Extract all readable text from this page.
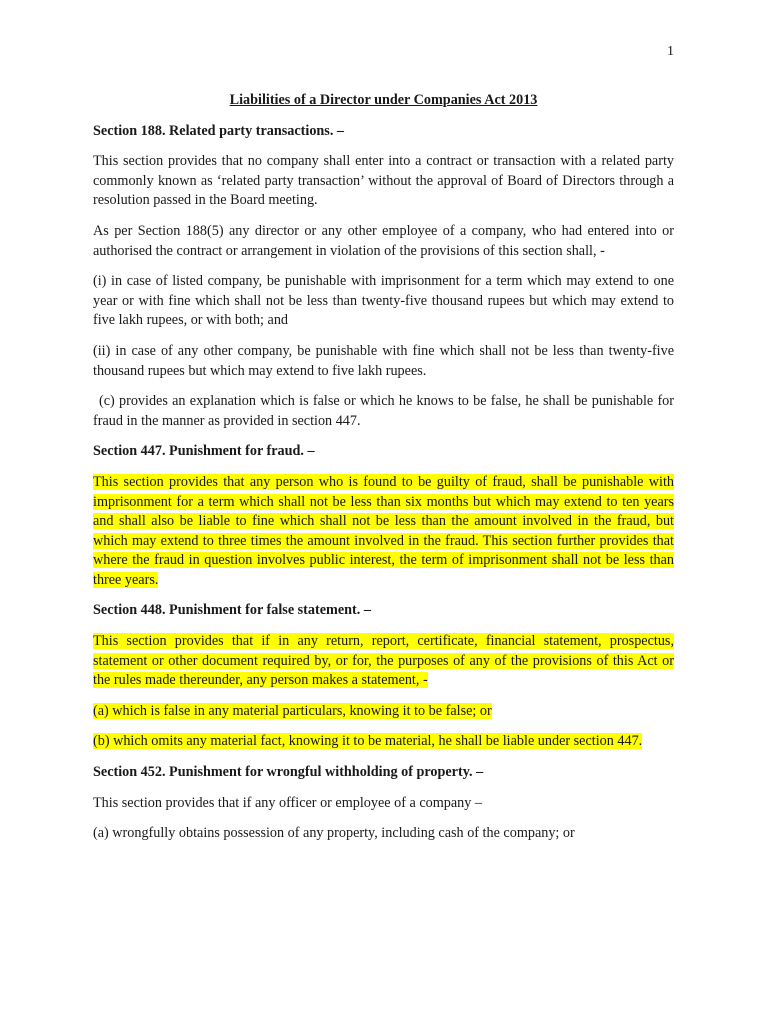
1

Liabilities of a Director under Companies Act 2013

Section 188. Related party transactions. –

This section provides that no company shall enter into a contract or transaction with a related party commonly known as ‘related party transaction’ without the approval of Board of Directors through a resolution passed in the Board meeting.

As per Section 188(5) any director or any other employee of a company, who had entered into or authorised the contract or arrangement in violation of the provisions of this section shall, -

(i) in case of listed company, be punishable with imprisonment for a term which may extend to one year or with fine which shall not be less than twenty-five thousand rupees but which may extend to five lakh rupees, or with both; and

(ii) in case of any other company, be punishable with fine which shall not be less than twenty-five thousand rupees but which may extend to five lakh rupees.

(c) provides an explanation which is false or which he knows to be false, he shall be punishable for fraud in the manner as provided in section 447.

Section 447. Punishment for fraud. –

This section provides that any person who is found to be guilty of fraud, shall be punishable with imprisonment for a term which shall not be less than six months but which may extend to ten years and shall also be liable to fine which shall not be less than the amount involved in the fraud, but which may extend to three times the amount involved in the fraud. This section further provides that where the fraud in question involves public interest, the term of imprisonment shall not be less than three years.

Section 448. Punishment for false statement. –

This section provides that if in any return, report, certificate, financial statement, prospectus, statement or other document required by, or for, the purposes of any of the provisions of this Act or the rules made thereunder, any person makes a statement, -

(a) which is false in any material particulars, knowing it to be false; or

(b) which omits any material fact, knowing it to be material, he shall be liable under section 447.

Section 452. Punishment for wrongful withholding of property. –

This section provides that if any officer or employee of a company –

(a) wrongfully obtains possession of any property, including cash of the company; or
